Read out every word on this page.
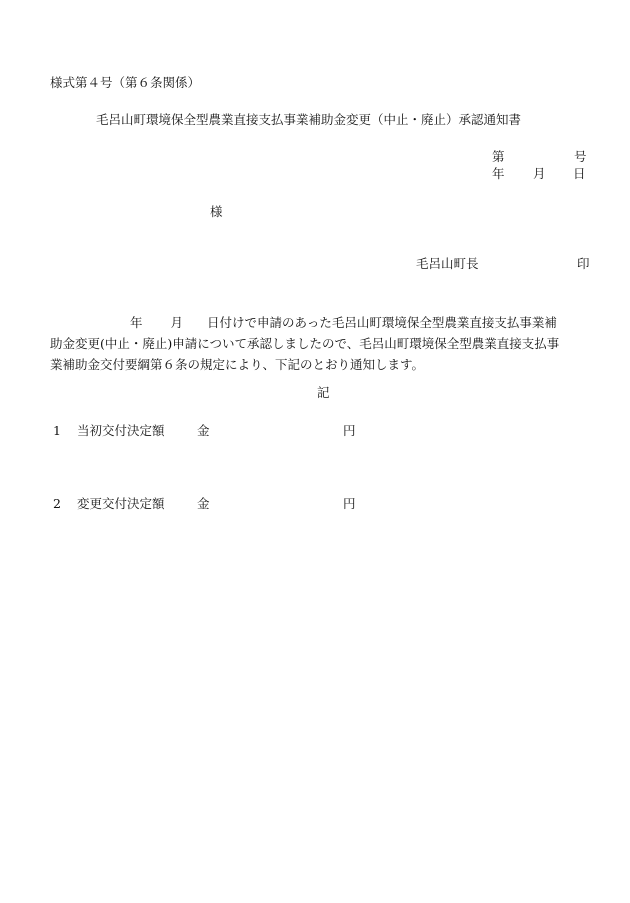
様式第４号（第６条関係）
毛呂山町環境保全型農業直接支払事業補助金変更（中止・廃止）承認通知書
第	号
年 月 日
様
毛呂山町長	印
年 月 日付けで申請のあった毛呂山町環境保全型農業直接支払事業補
助金変更(中止・廃止)申請について承認しましたので、毛呂山町環境保全型農業直接支払事
業補助金交付要綱第６条の規定により、下記のとおり通知します。
記
1 当初交付決定額	金	円
2 変更交付決定額	金	円
